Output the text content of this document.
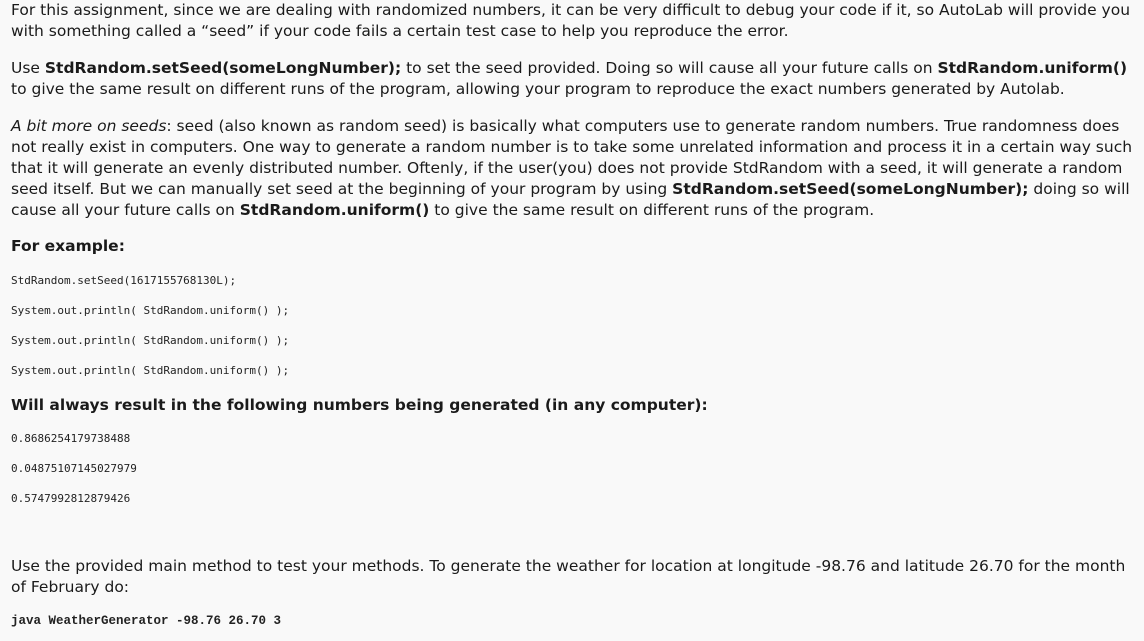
For this assignment, since we are dealing with randomized numbers, it can be very difficult to debug your code if it, so AutoLab will provide you with something called a “seed” if your code fails a certain test case to help you reproduce the error.

Use StdRandom.setSeed(someLongNumber); to set the seed provided. Doing so will cause all your future calls on StdRandom.uniform() to give the same result on different runs of the program, allowing your program to reproduce the exact numbers generated by Autolab.

A bit more on seeds: seed (also known as random seed) is basically what computers use to generate random numbers. True randomness does not really exist in computers. One way to generate a random number is to take some unrelated information and process it in a certain way such that it will generate an evenly distributed number. Oftenly, if the user(you) does not provide StdRandom with a seed, it will generate a random seed itself. But we can manually set seed at the beginning of your program by using StdRandom.setSeed(someLongNumber); doing so will cause all your future calls on StdRandom.uniform() to give the same result on different runs of the program.

For example:

StdRandom.setSeed(1617155768130L);

System.out.println( StdRandom.uniform() );

System.out.println( StdRandom.uniform() );

System.out.println( StdRandom.uniform() );

Will always result in the following numbers being generated (in any computer):

0.8686254179738488

0.04875107145027979

0.5747992812879426

Use the provided main method to test your methods. To generate the weather for location at longitude -98.76 and latitude 26.70 for the month of February do:

java WeatherGenerator -98.76 26.70 3
